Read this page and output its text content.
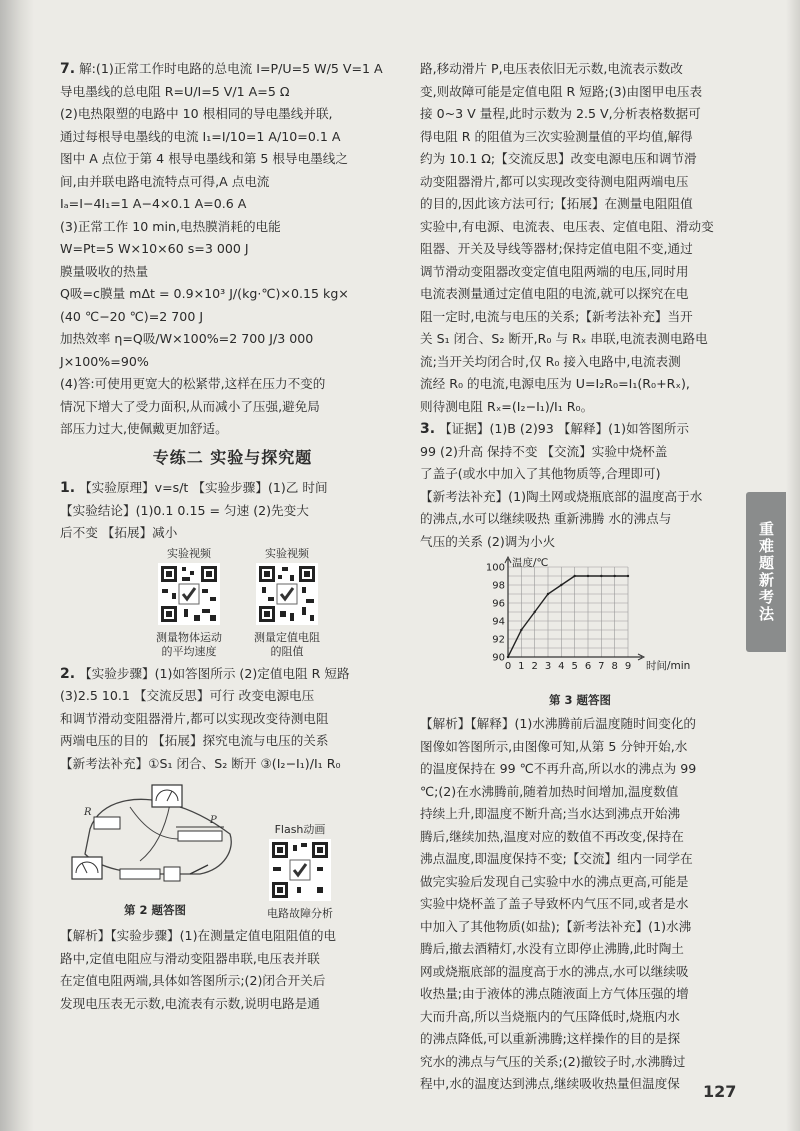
7. 解:(1)正常工作时电路的总电流 I=P/U=5 W/5 V=1 A

导电墨线的总电阻 R=U/I=5 V/1 A=5 Ω

(2)电热限塑的电路中 10 根相同的导电墨线并联,

通过每根导电墨线的电流 I₁=I/10=1 A/10=0.1 A

图中 A 点位于第 4 根导电墨线和第 5 根导电墨线之

间,由并联电路电流特点可得,A 点电流

Iₐ=I−4I₁=1 A−4×0.1 A=0.6 A

(3)正常工作 10 min,电热膜消耗的电能

W=Pt=5 W×10×60 s=3 000 J

膜量吸收的热量

Q吸=c膜量 mΔt = 0.9×10³ J/(kg·℃)×0.15 kg×

(40 ℃−20 ℃)=2 700 J

加热效率 η=Q吸/W×100%=2 700 J/3 000 J×100%=90%

(4)答:可使用更宽大的松紧带,这样在压力不变的

情况下增大了受力面积,从而减小了压强,避免局

部压力过大,使佩戴更加舒适。

专练二 实验与探究题

1. 【实验原理】v=s/t 【实验步骤】(1)乙 时间

【实验结论】(1)0.1 0.15 = 匀速 (2)先变大

后不变 【拓展】减小

实验视频
测量物体运动的平均速度
实验视频
测量定值电阻的阻值

2. 【实验步骤】(1)如答图所示 (2)定值电阻 R 短路

(3)2.5 10.1 【交流反思】可行 改变电源电压

和调节滑动变阻器滑片,都可以实现改变待测电阻

两端电压的目的 【拓展】探究电流与电压的关系

【新考法补充】①S₁ 闭合、S₂ 断开 ③(I₂−I₁)/I₁ R₀

R
P
第 2 题答图
Flash动画
电路故障分析

【解析】【实验步骤】(1)在测量定值电阻阻值的电

路中,定值电阻应与滑动变阻器串联,电压表并联

在定值电阻两端,具体如答图所示;(2)闭合开关后

发现电压表无示数,电流表有示数,说明电路是通

路,移动滑片 P,电压表依旧无示数,电流表示数改

变,则故障可能是定值电阻 R 短路;(3)由图甲电压表

接 0~3 V 量程,此时示数为 2.5 V,分析表格数据可

得电阻 R 的阻值为三次实验测量值的平均值,解得

约为 10.1 Ω;【交流反思】改变电源电压和调节滑

动变阻器滑片,都可以实现改变待测电阻两端电压

的目的,因此该方法可行;【拓展】在测量电阻阻值

实验中,有电源、电流表、电压表、定值电阻、滑动变

阻器、开关及导线等器材;保持定值电阻不变,通过

调节滑动变阻器改变定值电阻两端的电压,同时用

电流表测量通过定值电阻的电流,就可以探究在电

阻一定时,电流与电压的关系;【新考法补充】当开

关 S₁ 闭合、S₂ 断开,R₀ 与 Rₓ 串联,电流表测电路电

流;当开关均闭合时,仅 R₀ 接入电路中,电流表测

流经 R₀ 的电流,电源电压为 U=I₂R₀=I₁(R₀+Rₓ),

则待测电阻 Rₓ=(I₂−I₁)/I₁ R₀。

3. 【证据】(1)B (2)93 【解释】(1)如答图所示

99 (2)升高 保持不变 【交流】实验中烧杯盖

了盖子(或水中加入了其他物质等,合理即可)

【新考法补充】(1)陶土网或烧瓶底部的温度高于水

的沸点,水可以继续吸热 重新沸腾 水的沸点与

气压的关系 (2)调为小火

90
92
94
96
98
100
0 1 2 3 4 5 6 7 8 9
温度/℃
时间/min
第 3 题答图

【解析】【解释】(1)水沸腾前后温度随时间变化的

图像如答图所示,由图像可知,从第 5 分钟开始,水

的温度保持在 99 ℃不再升高,所以水的沸点为 99

℃;(2)在水沸腾前,随着加热时间增加,温度数值

持续上升,即温度不断升高;当水达到沸点开始沸

腾后,继续加热,温度对应的数值不再改变,保持在

沸点温度,即温度保持不变;【交流】组内一同学在

做完实验后发现自己实验中水的沸点更高,可能是

实验中烧杯盖了盖子导致杯内气压不同,或者是水

中加入了其他物质(如盐);【新考法补充】(1)水沸

腾后,撤去酒精灯,水没有立即停止沸腾,此时陶土

网或烧瓶底部的温度高于水的沸点,水可以继续吸

收热量;由于液体的沸点随液面上方气体压强的增

大而升高,所以当烧瓶内的气压降低时,烧瓶内水

的沸点降低,可以重新沸腾;这样操作的目的是探

究水的沸点与气压的关系;(2)撤铰子时,水沸腾过

程中,水的温度达到沸点,继续吸收热量但温度保

重难题新考法
127
